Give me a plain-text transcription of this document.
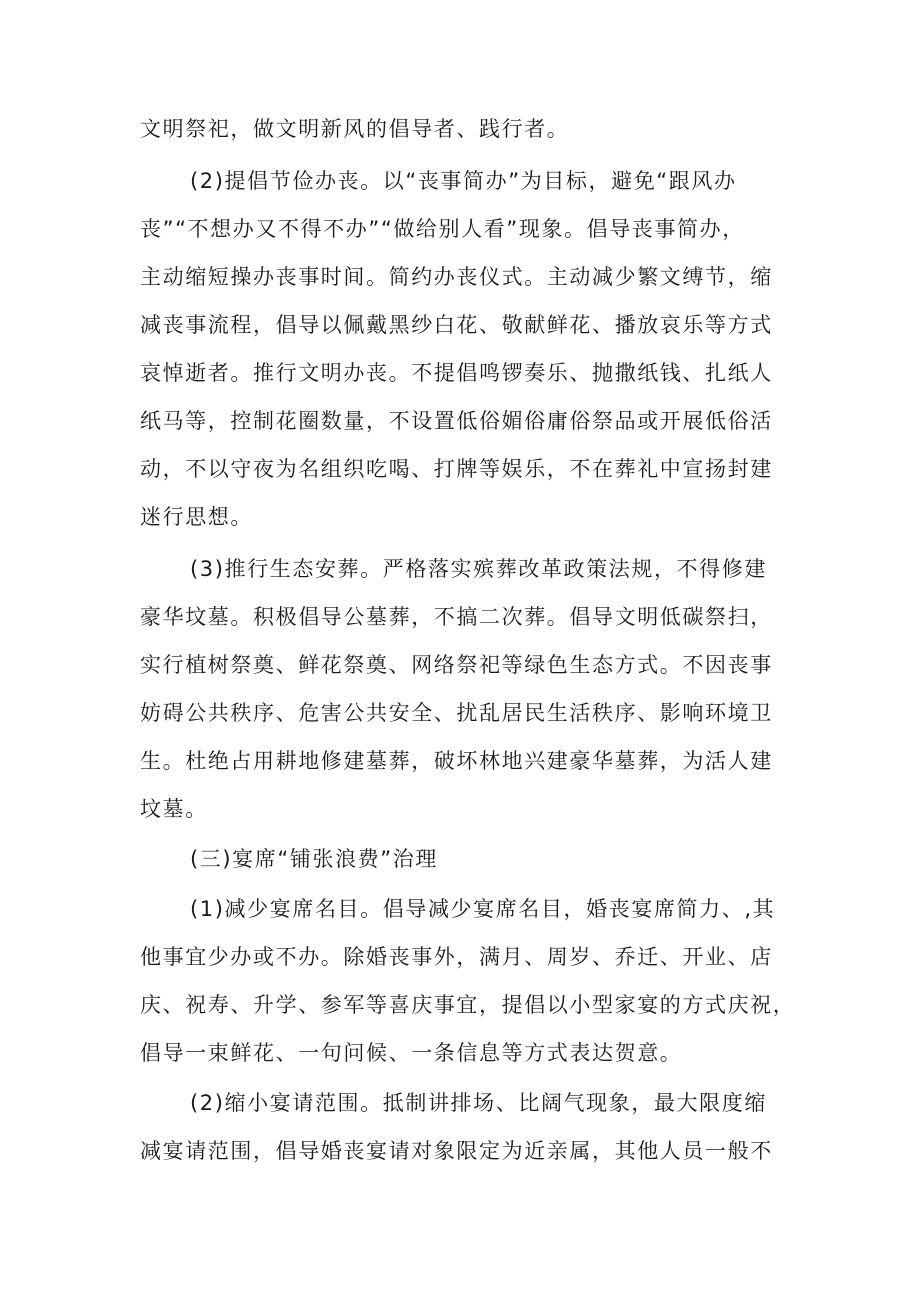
文明祭祀，做文明新风的倡导者、践行者。
(2)提倡节俭办丧。以“丧事简办”为目标，避免“跟风办
丧”“不想办又不得不办”“做给别人看”现象。倡导丧事简办，
主动缩短操办丧事时间。简约办丧仪式。主动减少繁文缚节，缩
减丧事流程，倡导以佩戴黑纱白花、敬献鲜花、播放哀乐等方式
哀悼逝者。推行文明办丧。不提倡鸣锣奏乐、抛撒纸钱、扎纸人
纸马等，控制花圈数量，不设置低俗媚俗庸俗祭品或开展低俗活
动，不以守夜为名组织吃喝、打牌等娱乐，不在葬礼中宣扬封建
迷行思想。
(3)推行生态安葬。严格落实殡葬改革政策法规，不得修建
豪华坟墓。积极倡导公墓葬，不搞二次葬。倡导文明低碳祭扫，
实行植树祭奠、鲜花祭奠、网络祭祀等绿色生态方式。不因丧事
妨碍公共秩序、危害公共安全、扰乱居民生活秩序、影响环境卫
生。杜绝占用耕地修建墓葬，破坏林地兴建豪华墓葬，为活人建
坟墓。
(三)宴席“铺张浪费”治理
(1)减少宴席名目。倡导减少宴席名目，婚丧宴席简力、,其
他事宜少办或不办。除婚丧事外，满月、周岁、乔迁、开业、店
庆、祝寿、升学、参军等喜庆事宜，提倡以小型家宴的方式庆祝，
倡导一束鲜花、一句问候、一条信息等方式表达贺意。
(2)缩小宴请范围。抵制讲排场、比阔气现象，最大限度缩
减宴请范围，倡导婚丧宴请对象限定为近亲属，其他人员一般不
